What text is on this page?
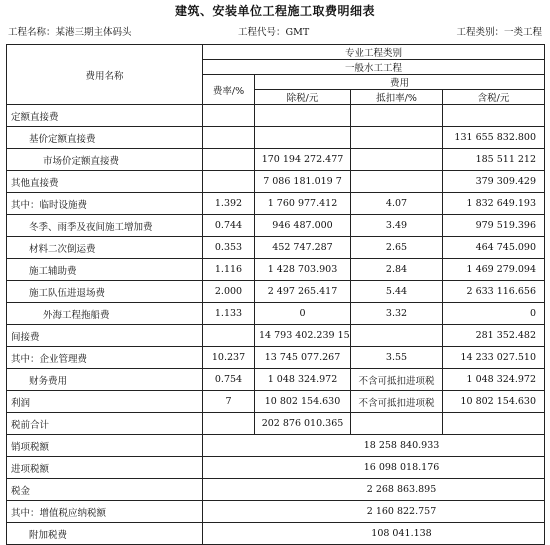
建筑、安装单位工程施工取费明细表
工程名称：某港三期主体码头	工程代号：GMT	工程类别：一类工程
费用名称	专业工程类别			
	一般水工工程			
	费率/%	费用		
		除税/元	抵扣率/%	含税/元
定额直接费				
基价定额直接费				131 655 832.800
市场价定额直接费		170 194 272.477		185 511 212
其他直接费		7 086 181.019 7		379 309.429
其中：临时设施费	1.392	1 760 977.412	4.07	1 832 649.193
冬季、雨季及夜间施工增加费	0.744	946 487.000	3.49	979 519.396
材料二次倒运费	0.353	452 747.287	2.65	464 745.090
施工辅助费	1.116	1 428 703.903	2.84	1 469 279.094
施工队伍进退场费	2.000	2 497 265.417	5.44	2 633 116.656
外海工程拖船费	1.133	0	3.32	0
间接费		14 793 402.239 15		281 352.482
其中：企业管理费	10.237	13 745 077.267	3.55	14 233 027.510
财务费用	0.754	1 048 324.972	不含可抵扣进项税	1 048 324.972
利润	7	10 802 154.630	不含可抵扣进项税	10 802 154.630
税前合计		202 876 010.365		
销项税额	18 258 840.933			
进项税额	16 098 018.176			
税金	2 268 863.895			
其中：增值税应纳税额	2 160 822.757			
附加税费	108 041.138			
